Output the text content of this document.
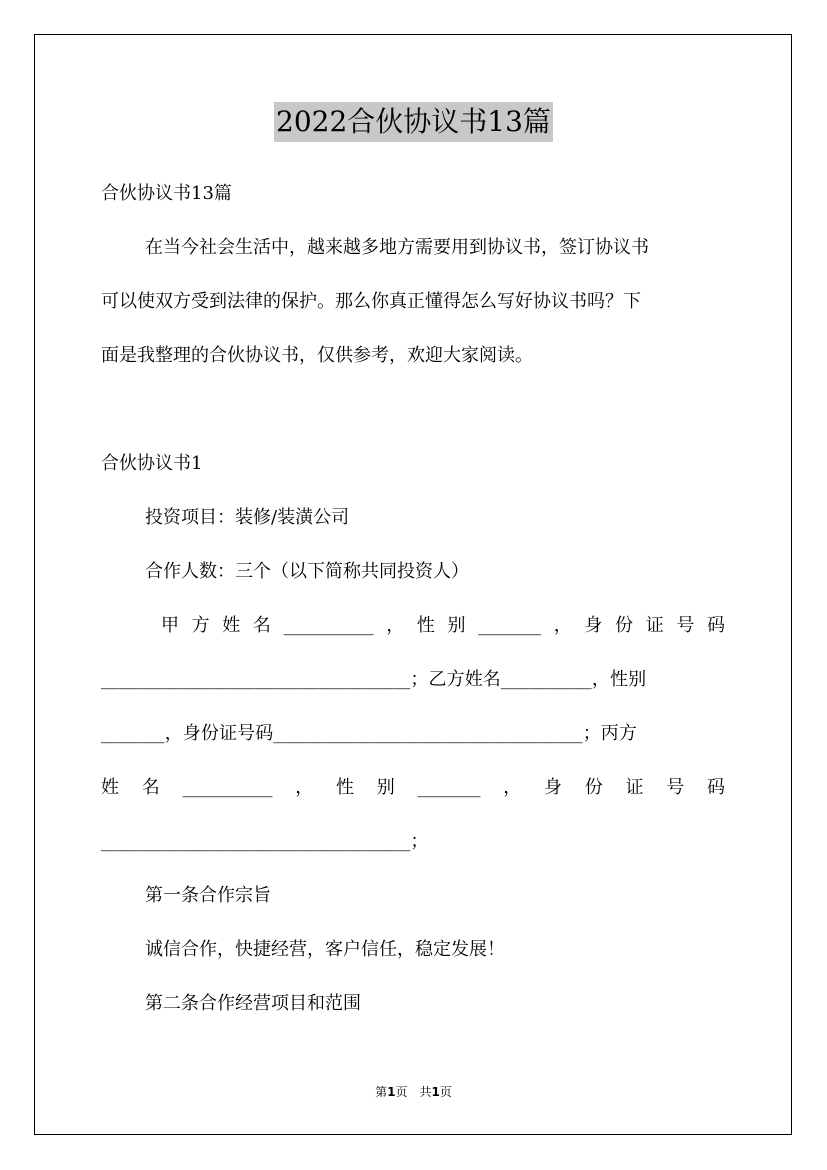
2022合伙协议书13篇
合伙协议书13篇
在当今社会生活中，越来越多地方需要用到协议书，签订协议书
可以使双方受到法律的保护。那么你真正懂得怎么写好协议书吗？下
面是我整理的合伙协议书，仅供参考，欢迎大家阅读。
合伙协议书1
投资项目：装修/装潢公司
合作人数：三个（以下简称共同投资人）
甲 方 姓 名 __________ ， 性 别 _______ ， 身 份 证 号 码
__________________________________；乙方姓名__________，性别
_______，身份证号码__________________________________；丙方
姓 名 __________ ， 性 别 _______ ， 身 份 证 号 码
__________________________________；
第一条合作宗旨
诚信合作，快捷经营，客户信任，稳定发展！
第二条合作经营项目和范围
第1页　共1页
